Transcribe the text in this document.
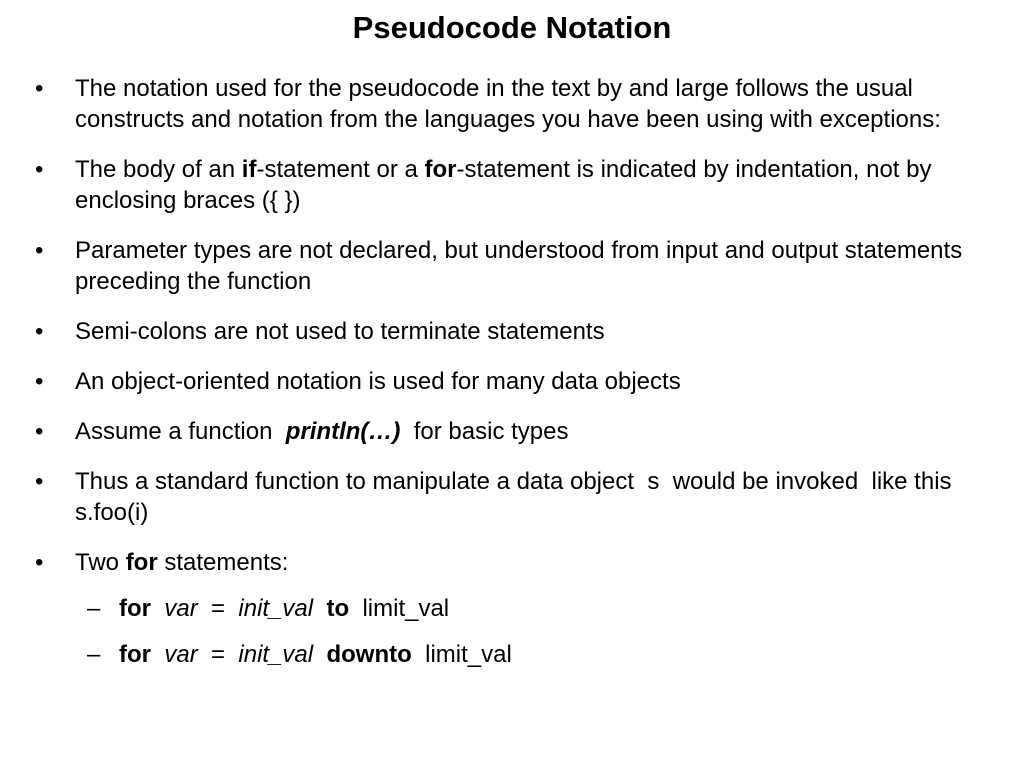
Pseudocode Notation
• The notation used for the pseudocode in the text by and large follows the usual constructs and notation from the languages you have been using with exceptions:
• The body of an if-statement or a for-statement is indicated by indentation, not by enclosing braces ({ })
• Parameter types are not declared, but understood from input and output statements preceding the function
• Semi-colons are not used to terminate statements
• An object-oriented notation is used for many data objects
• Assume a function  println(…)  for basic types
• Thus a standard function to manipulate a data object  s  would be invoked  like this   s.foo(i)
• Two for statements:
– for var = init_val to limit_val
– for var = init_val downto limit_val
